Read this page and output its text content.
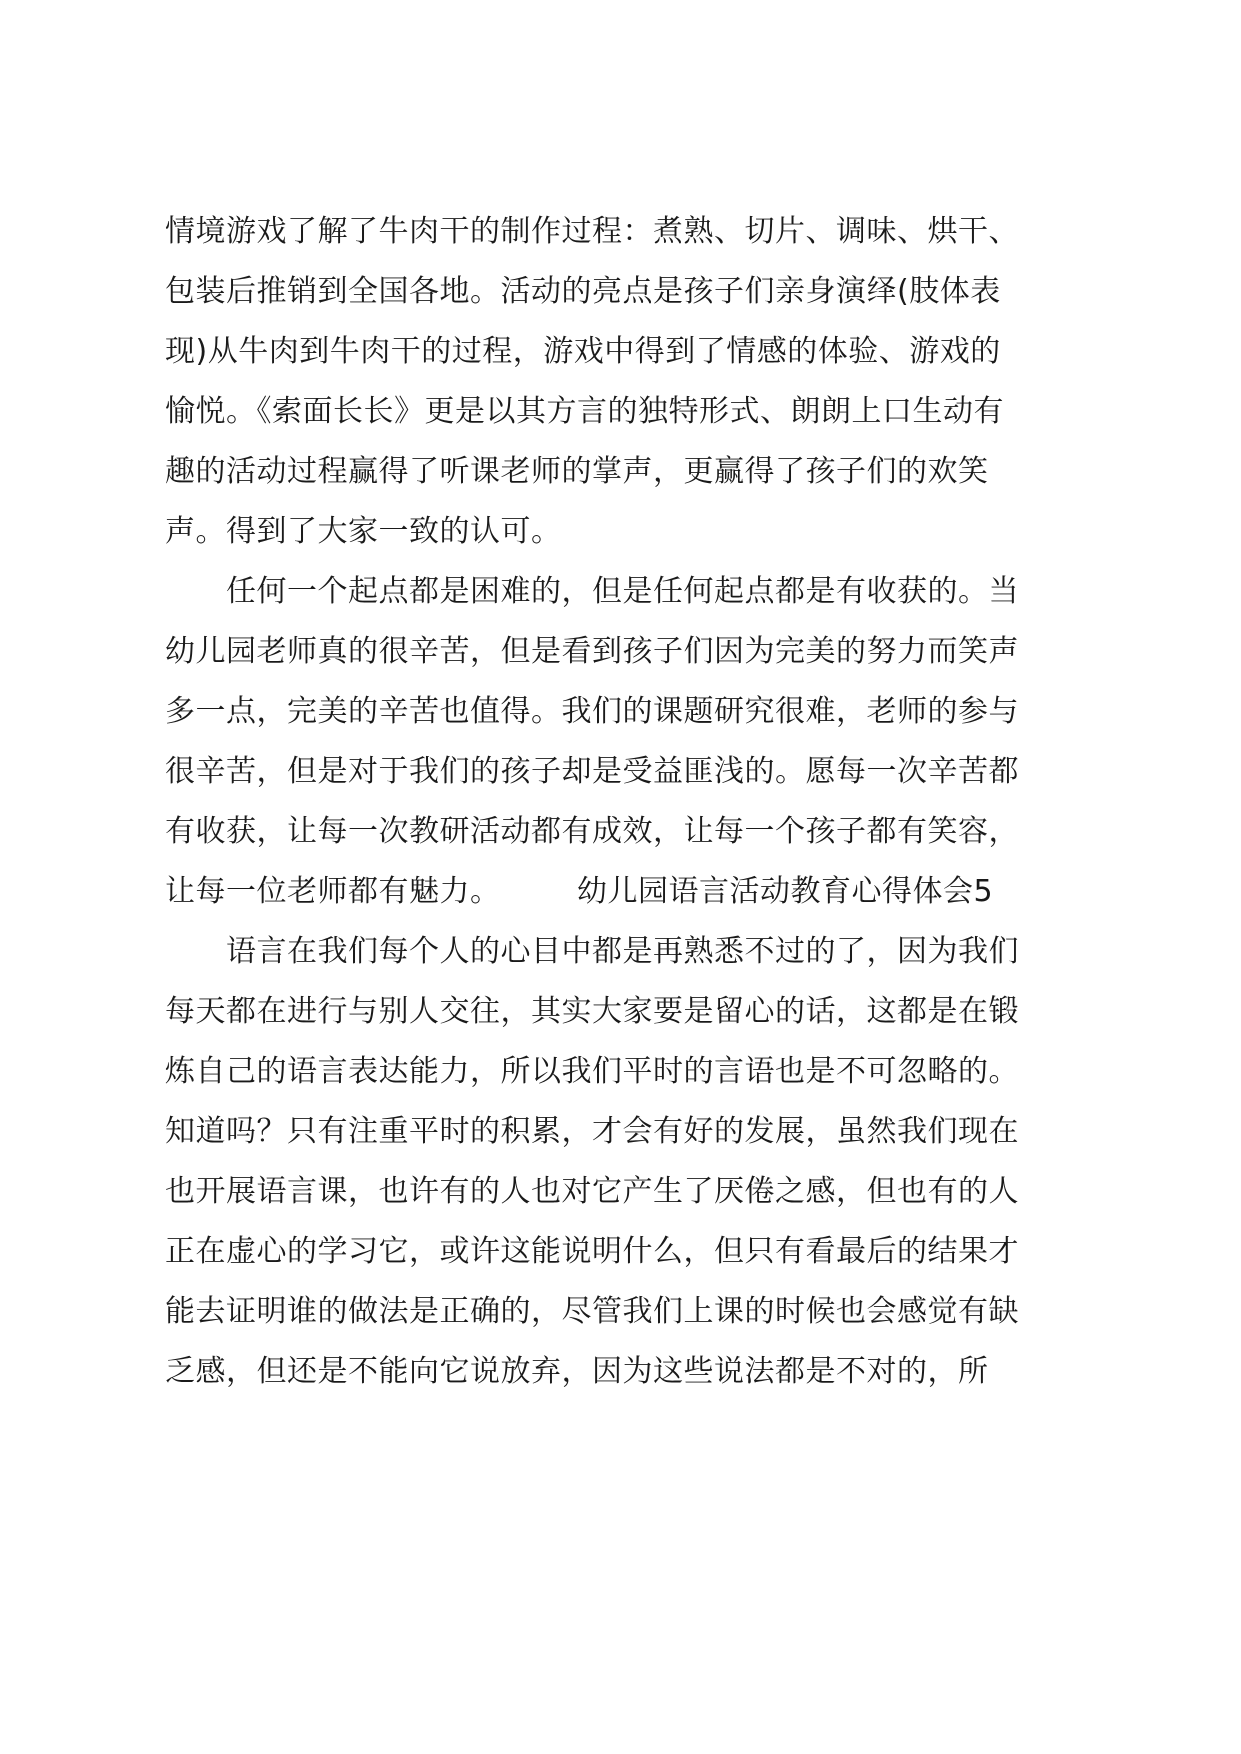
情境游戏了解了牛肉干的制作过程：煮熟、切片、调味、烘干、
包装后推销到全国各地。活动的亮点是孩子们亲身演绎(肢体表
现)从牛肉到牛肉干的过程，游戏中得到了情感的体验、游戏的
愉悦。《索面长长》更是以其方言的独特形式、朗朗上口生动有
趣的活动过程赢得了听课老师的掌声，更赢得了孩子们的欢笑
声。得到了大家一致的认可。
　　任何一个起点都是困难的，但是任何起点都是有收获的。当
幼儿园老师真的很辛苦，但是看到孩子们因为完美的努力而笑声
多一点，完美的辛苦也值得。我们的课题研究很难，老师的参与
很辛苦，但是对于我们的孩子却是受益匪浅的。愿每一次辛苦都
有收获，让每一次教研活动都有成效，让每一个孩子都有笑容，
让每一位老师都有魅力。　　　幼儿园语言活动教育心得体会5
　　语言在我们每个人的心目中都是再熟悉不过的了，因为我们
每天都在进行与别人交往，其实大家要是留心的话，这都是在锻
炼自己的语言表达能力，所以我们平时的言语也是不可忽略的。
知道吗？只有注重平时的积累，才会有好的发展，虽然我们现在
也开展语言课，也许有的人也对它产生了厌倦之感，但也有的人
正在虚心的学习它，或许这能说明什么，但只有看最后的结果才
能去证明谁的做法是正确的，尽管我们上课的时候也会感觉有缺
乏感，但还是不能向它说放弃，因为这些说法都是不对的，所
